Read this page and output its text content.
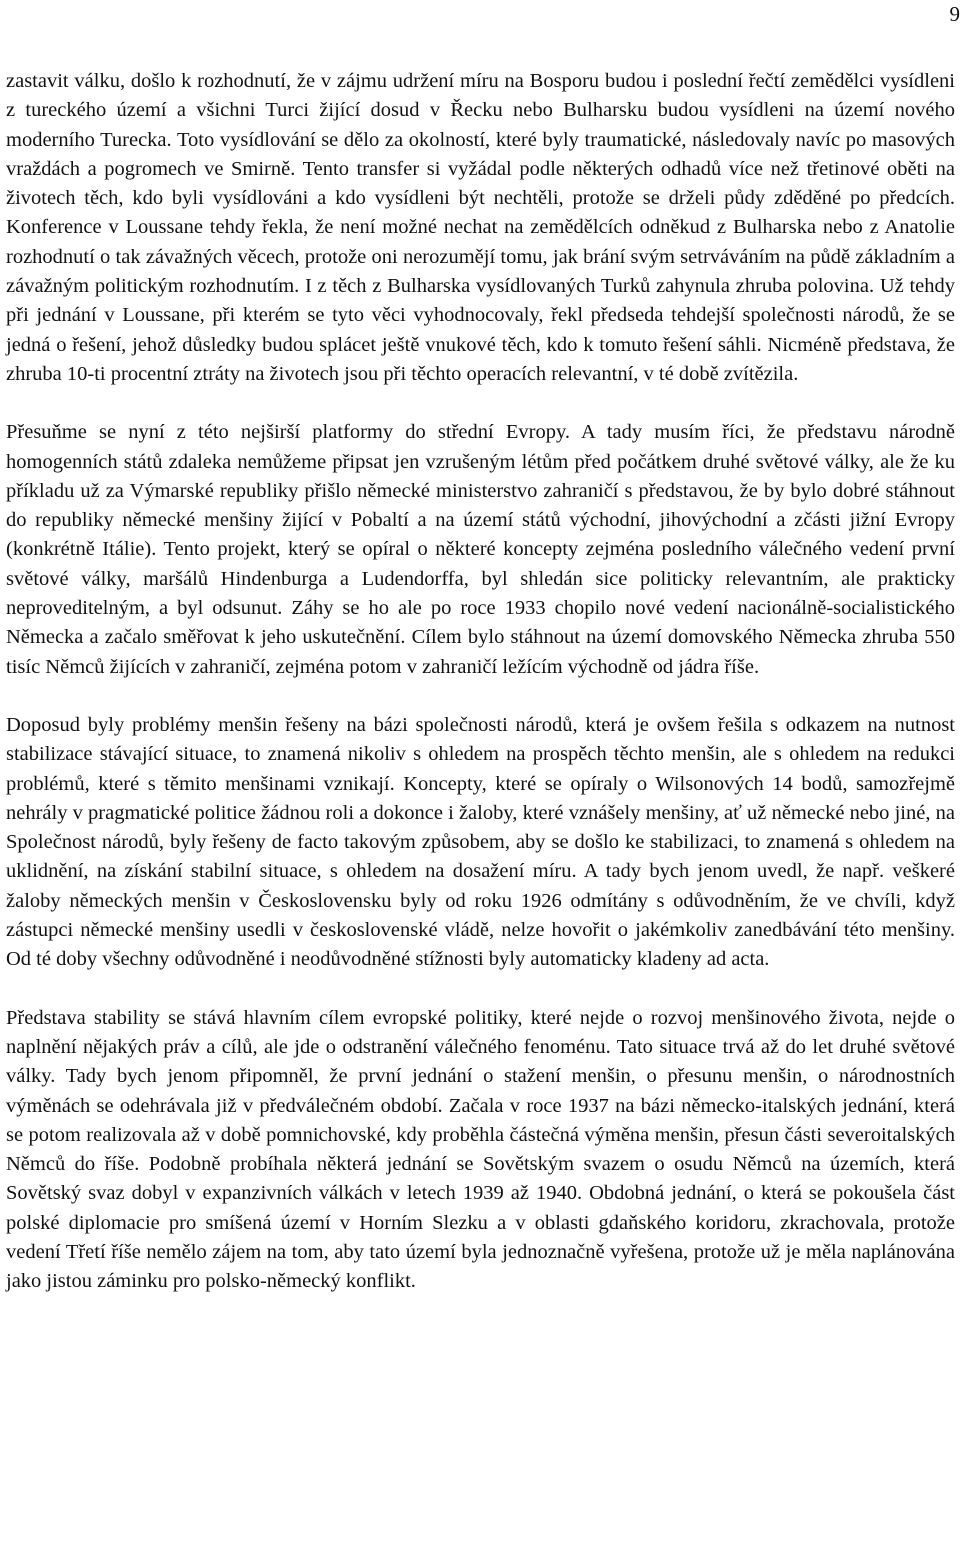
9

zastavit válku, došlo k rozhodnutí, že v zájmu udržení míru na Bosporu budou i poslední řečtí zemědělci vysídleni z tureckého území a všichni Turci žijící dosud v Řecku nebo Bulharsku budou vysídleni na území nového moderního Turecka. Toto vysídlování se dělo za okolností, které byly traumatické, následovaly navíc po masových vraždách a pogromech ve Smirně. Tento transfer si vyžádal podle některých odhadů více než třetinové oběti na životech těch, kdo byli vysídlováni a kdo vysídleni být nechtěli, protože se drželi půdy zděděné po předcích. Konference v Loussane tehdy řekla, že není možné nechat na zemědělcích odněkud z Bulharska nebo z Anatolie rozhodnutí o tak závažných věcech, protože oni nerozumějí tomu, jak brání svým setrváváním na půdě základním a závažným politickým rozhodnutím. I z těch z Bulharska vysídlovaných Turků zahynula zhruba polovina. Už tehdy při jednání v Loussane, při kterém se tyto věci vyhodnocovaly, řekl předseda tehdejší společnosti národů, že se jedná o řešení, jehož důsledky budou splácet ještě vnukové těch, kdo k tomuto řešení sáhli. Nicméně představa, že zhruba 10-ti procentní ztráty na životech jsou při těchto operacích relevantní, v té době zvítězila.

Přesuňme se nyní z této nejširší platformy do střední Evropy. A tady musím říci, že představu národně homogenních států zdaleka nemůžeme připsat jen vzrušeným létům před počátkem druhé světové války, ale že ku příkladu už za Výmarské republiky přišlo německé ministerstvo zahraničí s představou, že by bylo dobré stáhnout do republiky německé menšiny žijící v Pobaltí a na území států východní, jihovýchodní a zčásti jižní Evropy (konkrétně Itálie). Tento projekt, který se opíral o některé koncepty zejména posledního válečného vedení první světové války, maršálů Hindenburga a Ludendorffa, byl shledán sice politicky relevantním, ale prakticky neproveditelným, a byl odsunut. Záhy se ho ale po roce 1933 chopilo nové vedení nacionálně-socialistického Německa a začalo směřovat k jeho uskutečnění. Cílem bylo stáhnout na území domovského Německa zhruba 550 tisíc Němců žijících v zahraničí, zejména potom v zahraničí ležícím východně od jádra říše.

Doposud byly problémy menšin řešeny na bázi společnosti národů, která je ovšem řešila s odkazem na nutnost stabilizace stávající situace, to znamená nikoliv s ohledem na prospěch těchto menšin, ale s ohledem na redukci problémů, které s těmito menšinami vznikají. Koncepty, které se opíraly o Wilsonových 14 bodů, samozřejmě nehrály v pragmatické politice žádnou roli a dokonce i žaloby, které vznášely menšiny, ať už německé nebo jiné, na Společnost národů, byly řešeny de facto takovým způsobem, aby se došlo ke stabilizaci, to znamená s ohledem na uklidnění, na získání stabilní situace, s ohledem na dosažení míru. A tady bych jenom uvedl, že např. veškeré žaloby německých menšin v Československu byly od roku 1926 odmítány s odůvodněním, že ve chvíli, když zástupci německé menšiny usedli v československé vládě, nelze hovořit o jakémkoliv zanedbávání této menšiny. Od té doby všechny odůvodněné i neodůvodněné stížnosti byly automaticky kladeny ad acta.

Představa stability se stává hlavním cílem evropské politiky, které nejde o rozvoj menšinového života, nejde o naplnění nějakých práv a cílů, ale jde o odstranění válečného fenoménu. Tato situace trvá až do let druhé světové války. Tady bych jenom připomněl, že první jednání o stažení menšin, o přesunu menšin, o národnostních výměnách se odehrávala již v předválečném období. Začala v roce 1937 na bázi německo-italských jednání, která se potom realizovala až v době pomnichovské, kdy proběhla částečná výměna menšin, přesun části severoitalských Němců do říše. Podobně probíhala některá jednání se Sovětským svazem o osudu Němců na územích, která Sovětský svaz dobyl v expanzivních válkách v letech 1939 až 1940. Obdobná jednání, o která se pokoušela část polské diplomacie pro smíšená území v Horním Slezku a v oblasti gdaňského koridoru, zkrachovala, protože vedení Třetí říše nemělo zájem na tom, aby tato území byla jednoznačně vyřešena, protože už je měla naplánována jako jistou záminku pro polsko-německý konflikt.
